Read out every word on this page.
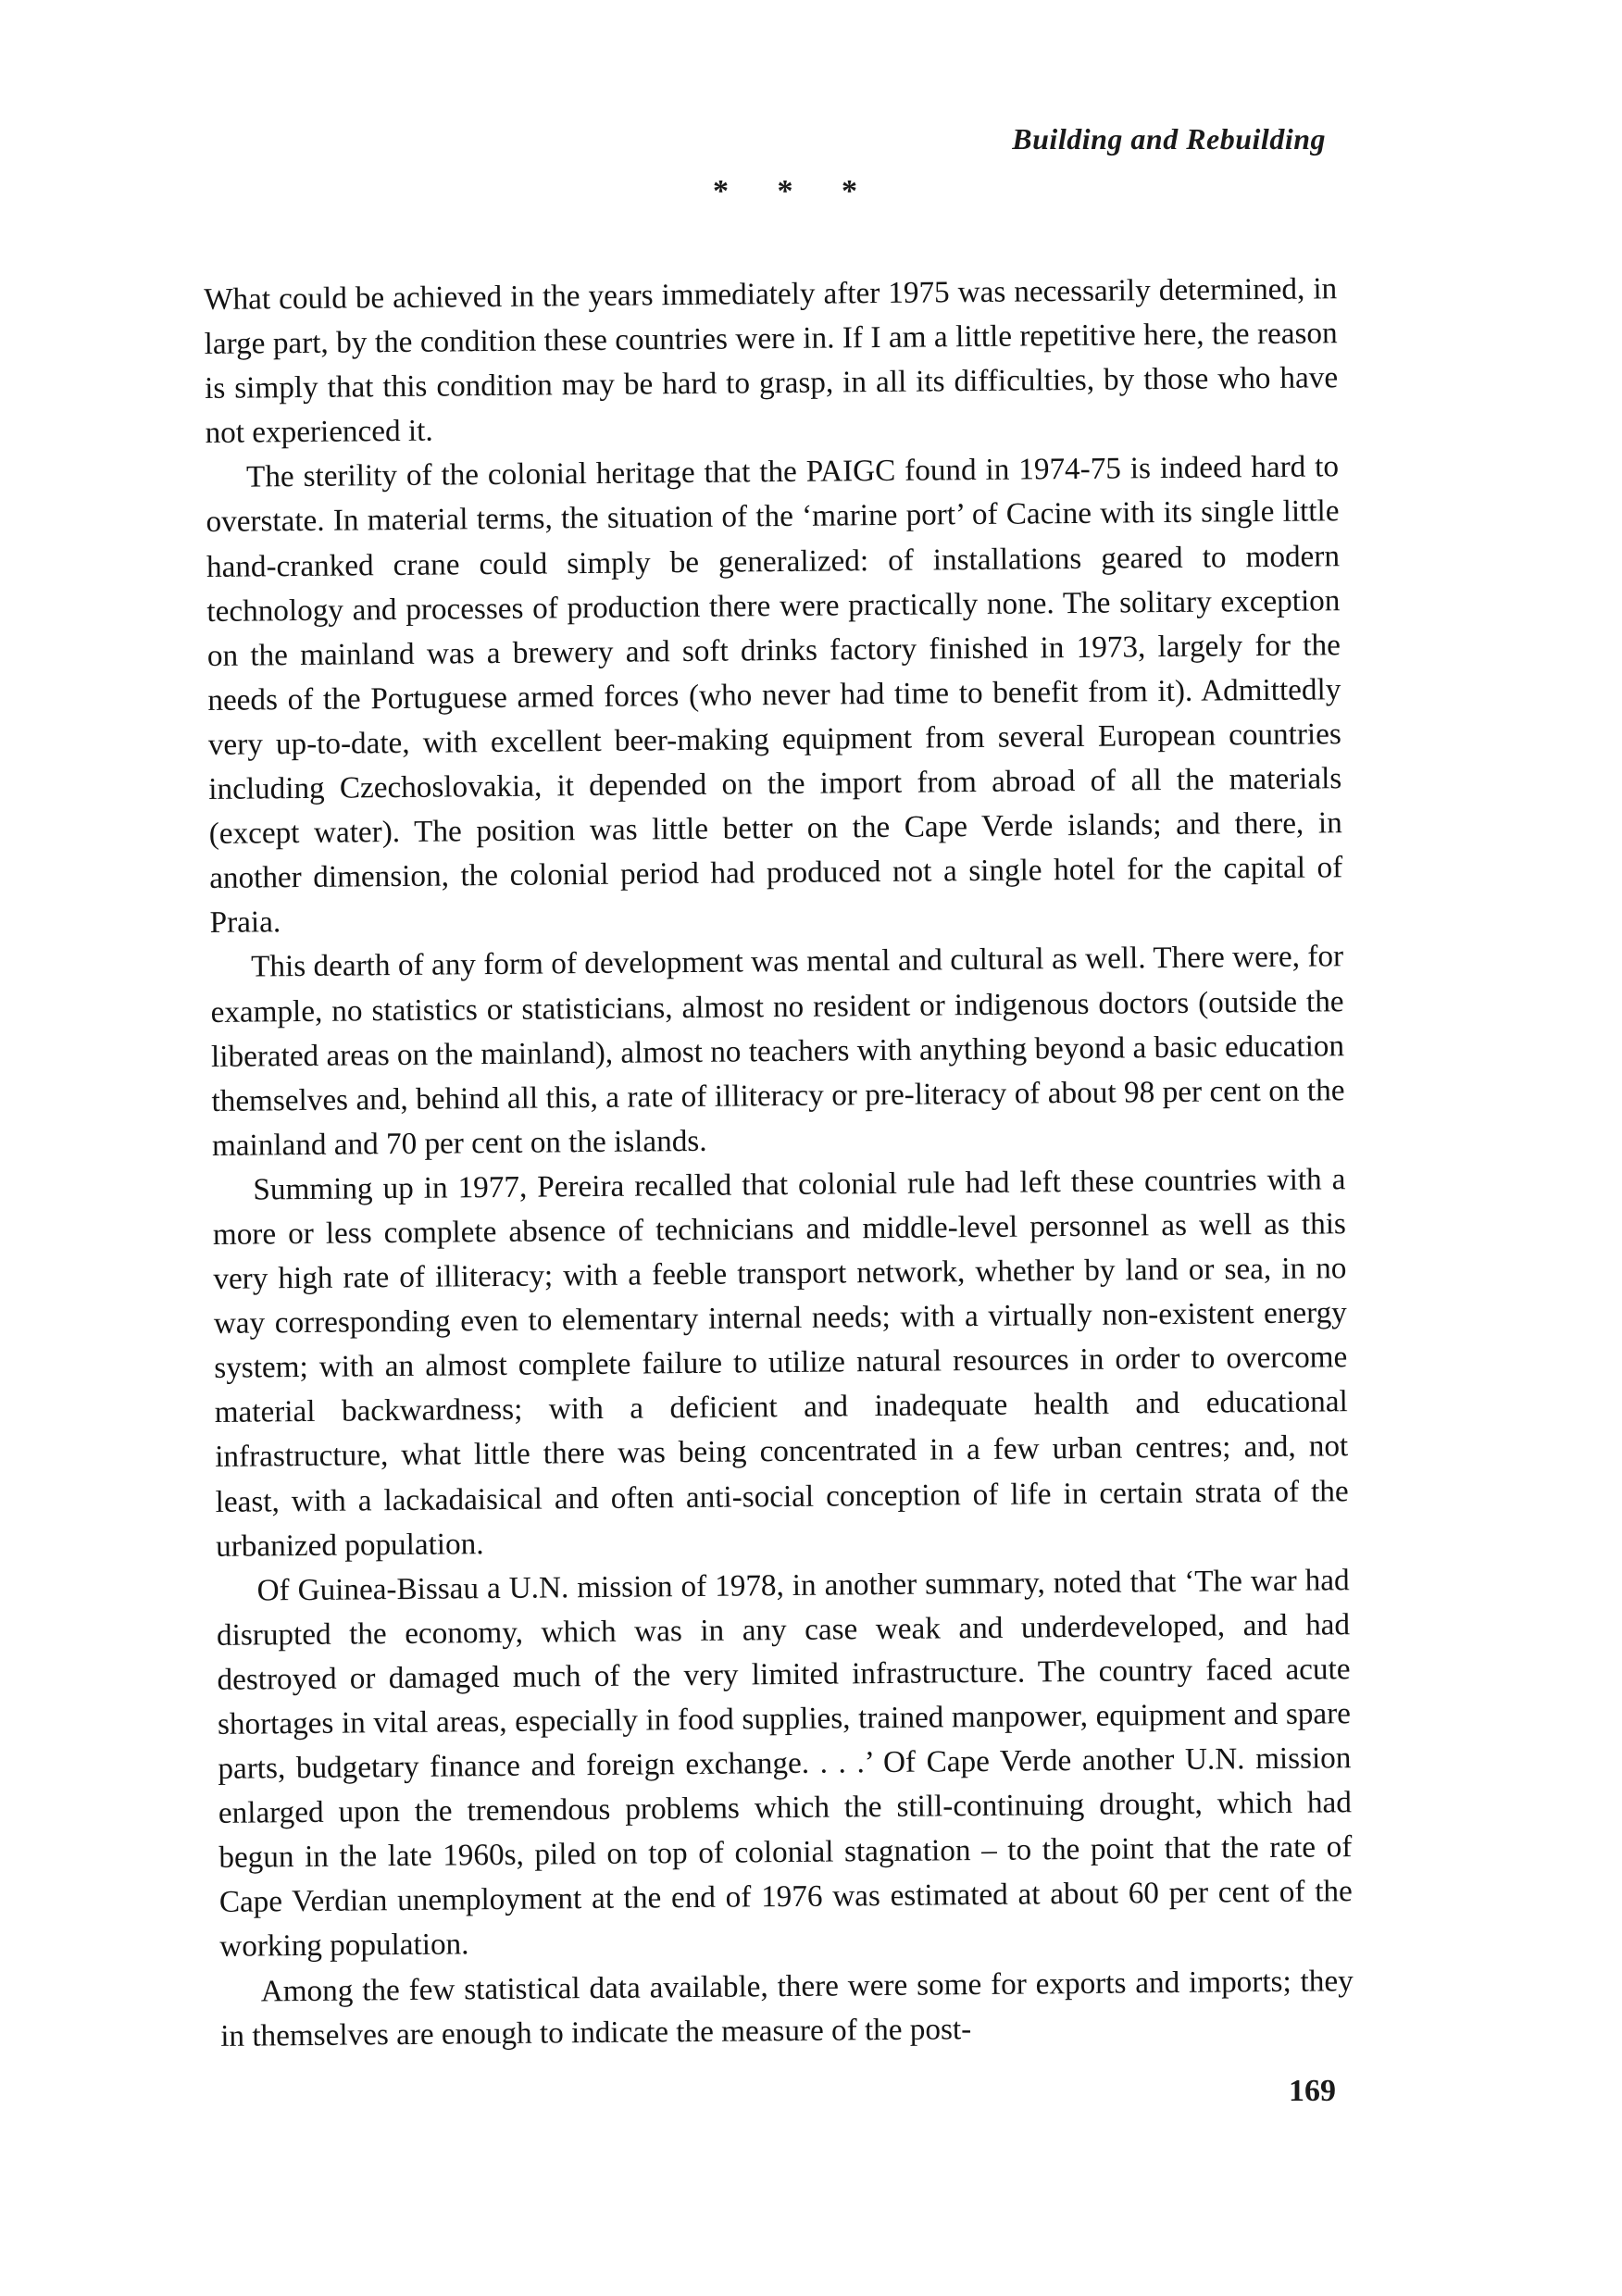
Building and Rebuilding
* * *

What could be achieved in the years immediately after 1975 was necessarily determined, in large part, by the condition these countries were in. If I am a little repetitive here, the reason is simply that this condition may be hard to grasp, in all its difficulties, by those who have not experienced it.

The sterility of the colonial heritage that the PAIGC found in 1974-75 is indeed hard to overstate. In material terms, the situation of the ‘marine port’ of Cacine with its single little hand-cranked crane could simply be generalized: of installations geared to modern technology and processes of production there were practically none. The solitary exception on the mainland was a brewery and soft drinks factory finished in 1973, largely for the needs of the Portuguese armed forces (who never had time to benefit from it). Admittedly very up-to-date, with excellent beer-making equipment from several European countries including Czechoslovakia, it depended on the import from abroad of all the materials (except water). The position was little better on the Cape Verde islands; and there, in another dimension, the colonial period had produced not a single hotel for the capital of Praia.

This dearth of any form of development was mental and cultural as well. There were, for example, no statistics or statisticians, almost no resident or indigenous doctors (outside the liberated areas on the mainland), almost no teachers with anything beyond a basic education themselves and, behind all this, a rate of illiteracy or pre-literacy of about 98 per cent on the mainland and 70 per cent on the islands.

Summing up in 1977, Pereira recalled that colonial rule had left these countries with a more or less complete absence of technicians and middle-level personnel as well as this very high rate of illiteracy; with a feeble transport network, whether by land or sea, in no way corresponding even to elementary internal needs; with a virtually non-existent energy system; with an almost complete failure to utilize natural resources in order to overcome material backwardness; with a deficient and inadequate health and educational infrastructure, what little there was being concentrated in a few urban centres; and, not least, with a lackadaisical and often anti-social conception of life in certain strata of the urbanized population.

Of Guinea-Bissau a U.N. mission of 1978, in another summary, noted that ‘The war had disrupted the economy, which was in any case weak and underdeveloped, and had destroyed or damaged much of the very limited infrastructure. The country faced acute shortages in vital areas, especially in food supplies, trained manpower, equipment and spare parts, budgetary finance and foreign exchange. . . .’ Of Cape Verde another U.N. mission enlarged upon the tremendous problems which the still-continuing drought, which had begun in the late 1960s, piled on top of colonial stagnation – to the point that the rate of Cape Verdian unemployment at the end of 1976 was estimated at about 60 per cent of the working population.

Among the few statistical data available, there were some for exports and imports; they in themselves are enough to indicate the measure of the post-

169
